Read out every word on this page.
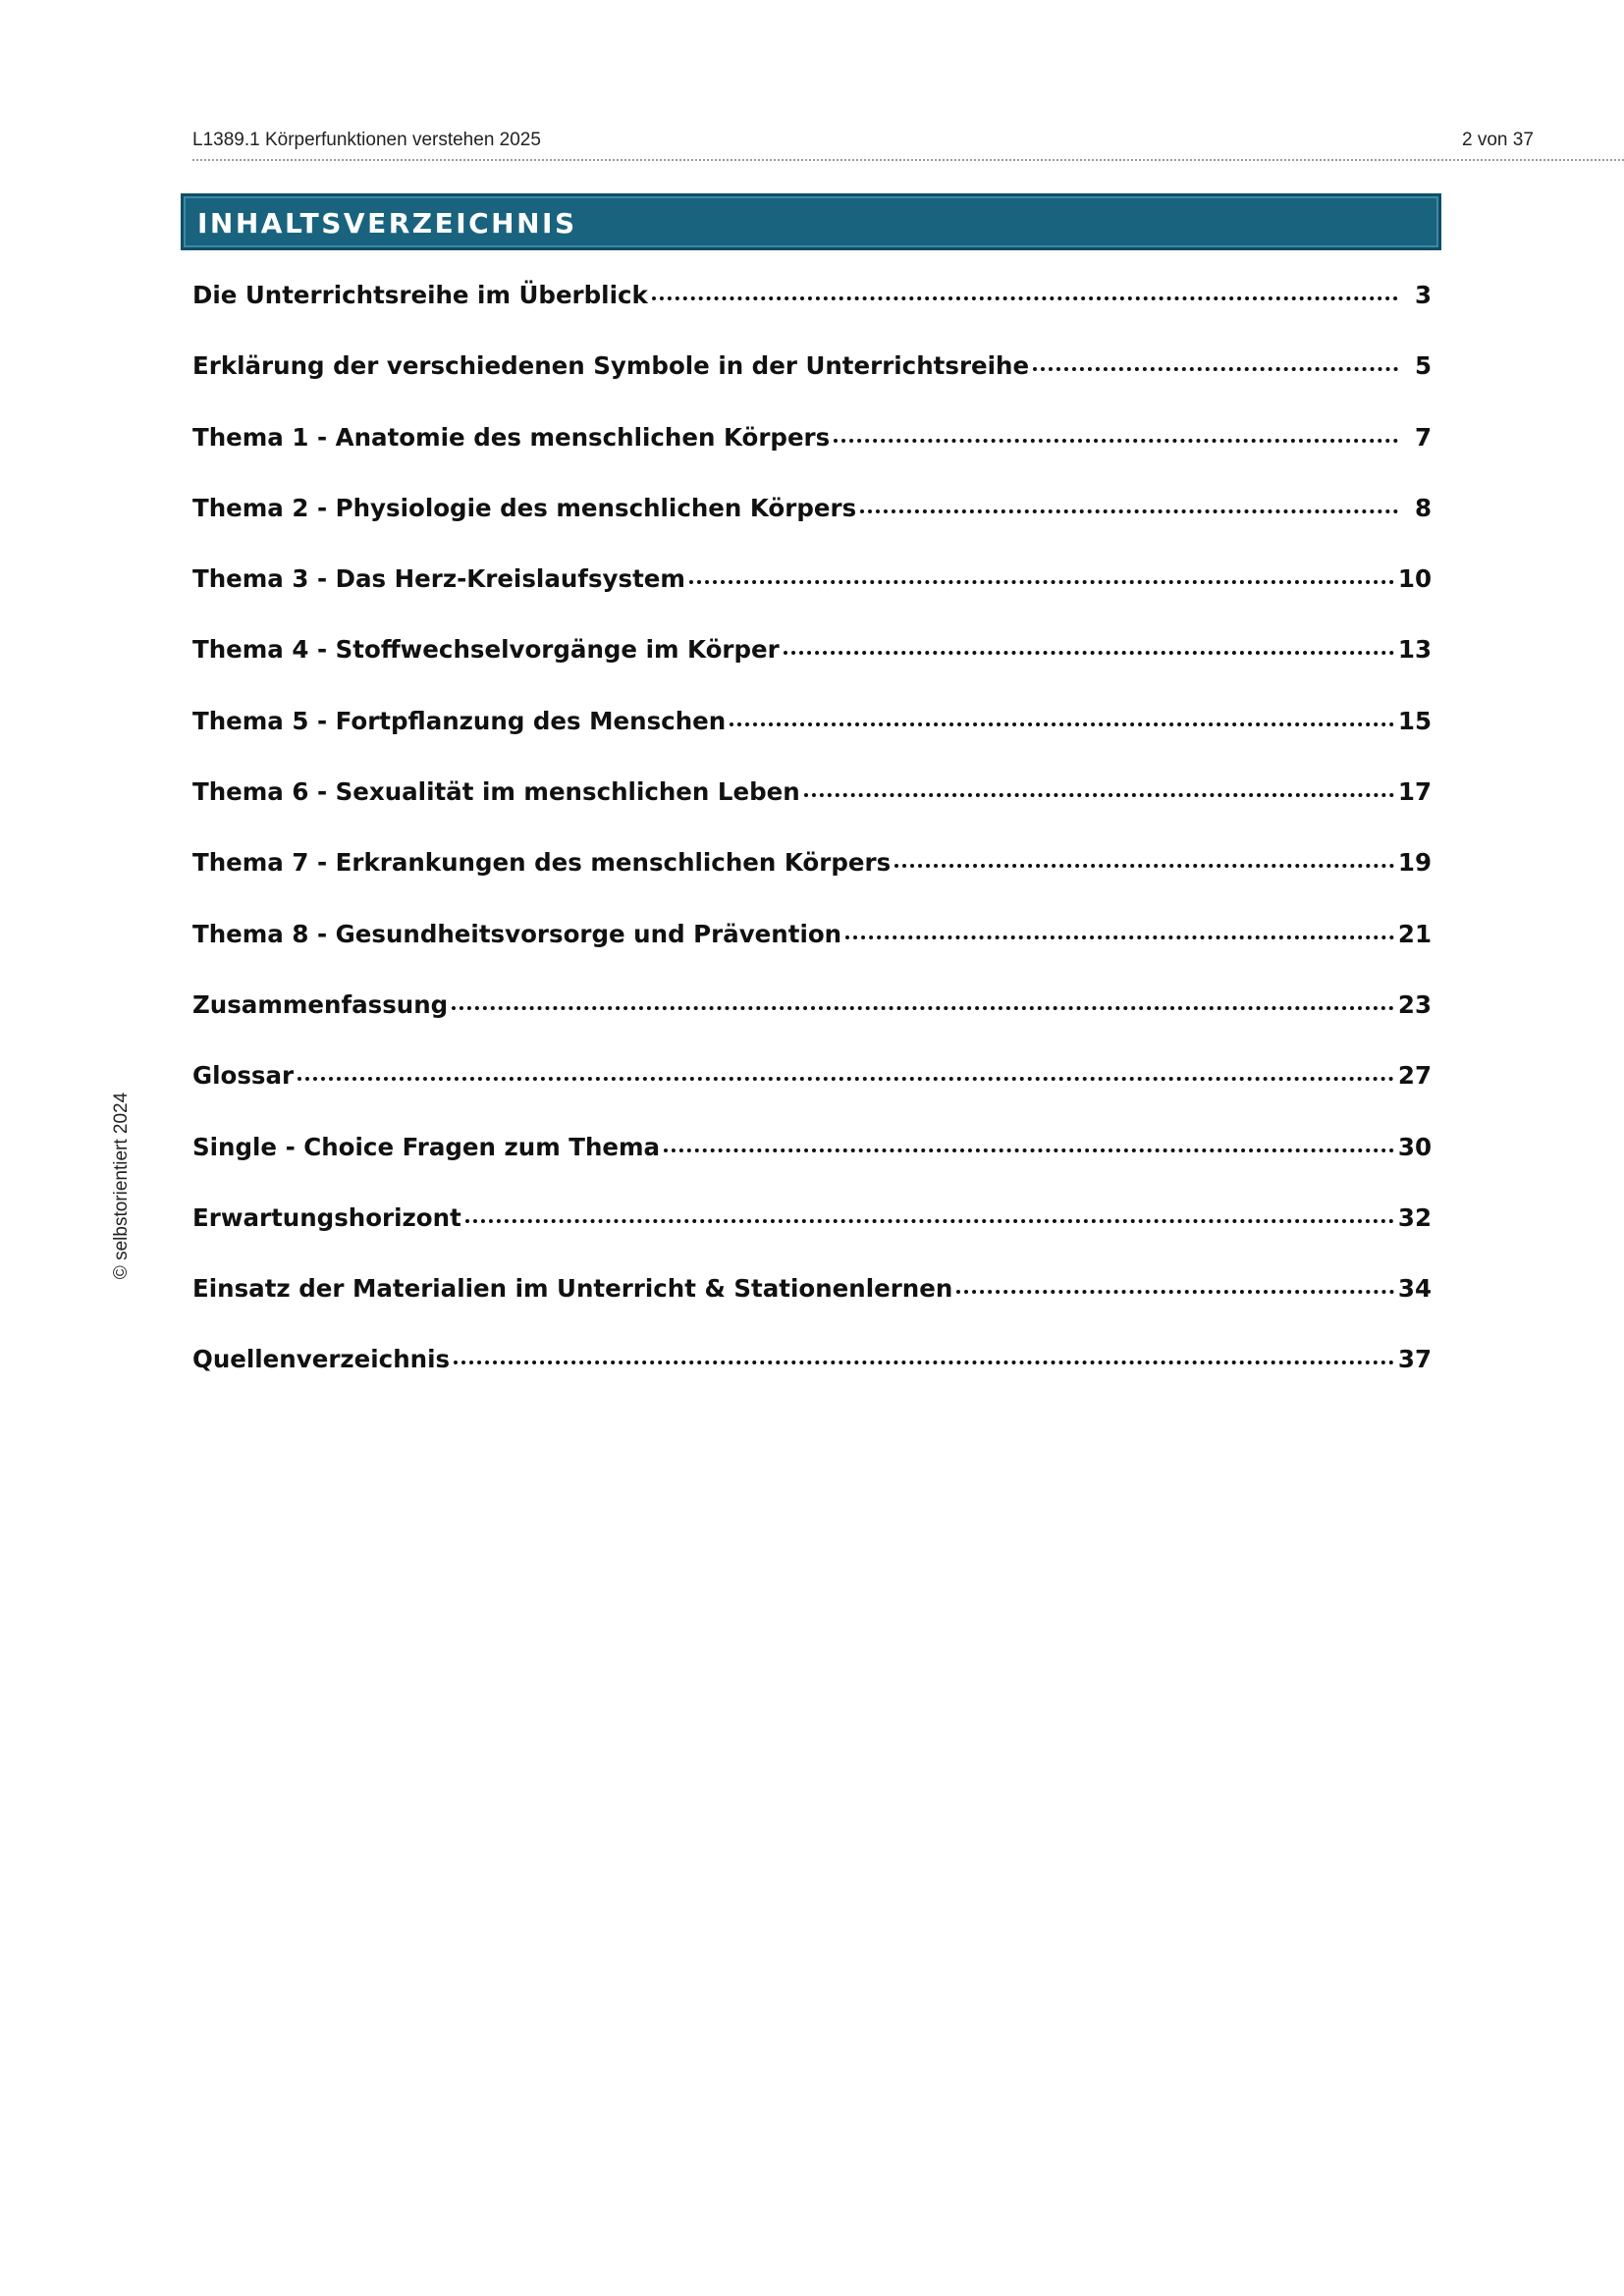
L1389.1 Körperfunktionen verstehen 2025	2 von 37
INHALTSVERZEICHNIS
Die Unterrichtsreihe im Überblick	3
Erklärung der verschiedenen Symbole in der Unterrichtsreihe	5
Thema 1 - Anatomie des menschlichen Körpers	7
Thema 2 - Physiologie des menschlichen Körpers	8
Thema 3 - Das Herz-Kreislaufsystem	10
Thema 4 - Stoffwechselvorgänge im Körper	13
Thema 5 - Fortpflanzung des Menschen	15
Thema 6 - Sexualität im menschlichen Leben	17
Thema 7 - Erkrankungen des menschlichen Körpers	19
Thema 8 - Gesundheitsvorsorge und Prävention	21
Zusammenfassung	23
Glossar	27
Single - Choice Fragen zum Thema	30
Erwartungshorizont	32
Einsatz der Materialien im Unterricht & Stationenlernen	34
Quellenverzeichnis	37
© selbstorientiert 2024
